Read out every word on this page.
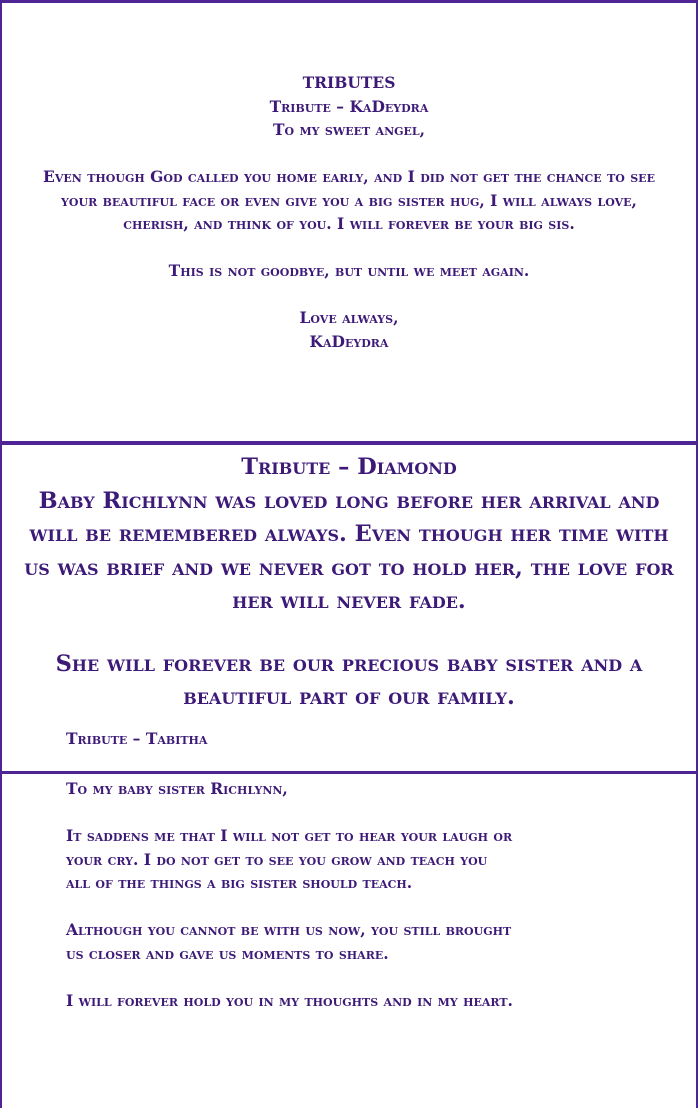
TRIBUTES
Tribute – KaDeydra
To my sweet angel,
Even though God called you home early, and I did not get the chance to see your beautiful face or even give you a big sister hug, I will always love, cherish, and think of you. I will forever be your big sis.
This is not goodbye, but until we meet again.
Love always,
KaDeydra
Tribute – Diamond
Baby Richlynn was loved long before her arrival and will be remembered always. Even though her time with us was brief and we never got to hold her, the love for her will never fade.
She will forever be our precious baby sister and a beautiful part of our family.
Tribute – Tabitha
To my baby sister Richlynn,
It saddens me that I will not get to hear your laugh or your cry. I do not get to see you grow and teach you all of the things a big sister should teach.
Although you cannot be with us now, you still brought us closer and gave us moments to share.
I will forever hold you in my thoughts and in my heart.
